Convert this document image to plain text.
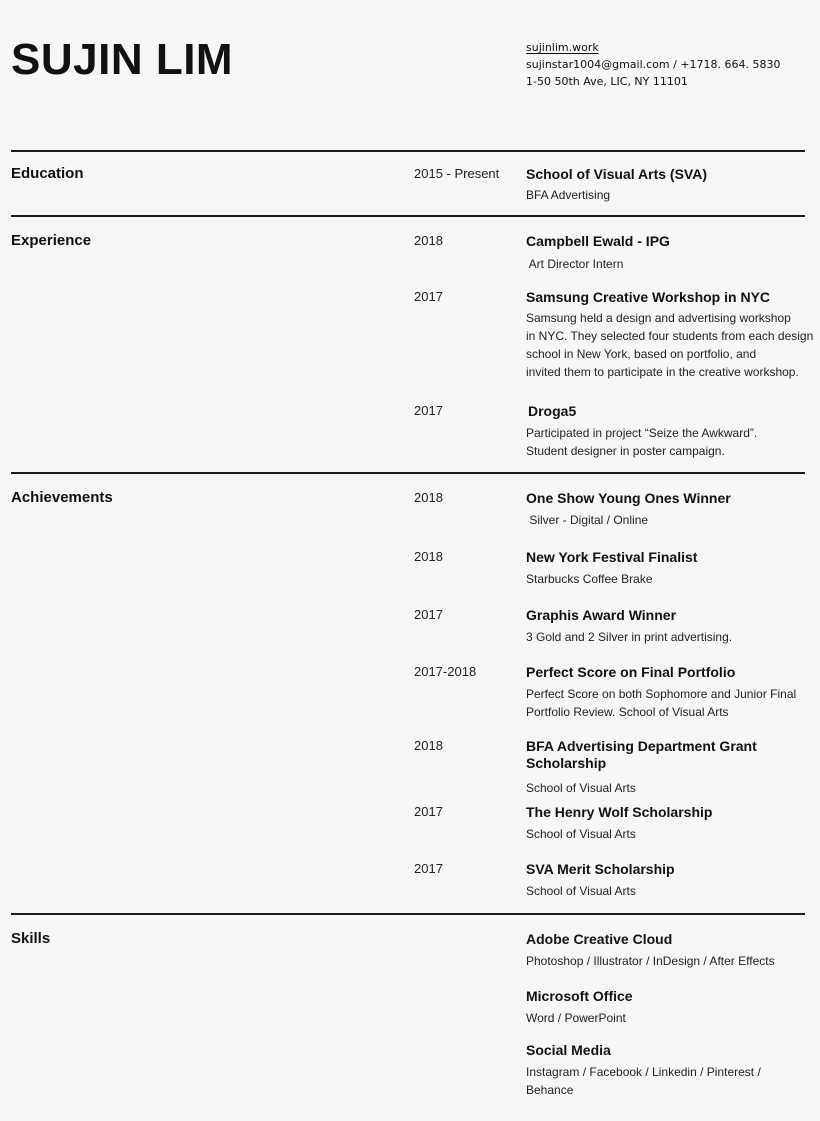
SUJIN LIM	sujinlim.work
sujinstar1004@gmail.com / +1718. 664. 5830
1-50 50th Ave, LIC, NY 11101
Education	2015 - Present School of Visual Arts (SVA)
BFA Advertising
Experience	2018	Campbell Ewald - IPG
Art Director Intern
2017	Samsung Creative Workshop in NYC
Samsung held a design and advertising workshop
in NYC. They selected four students from each design
school in New York, based on portfolio, and
invited them to participate in the creative workshop.
2017	Droga5
Participated in project “Seize the Awkward”.
Student designer in poster campaign.
Achievements	2018	One Show Young Ones Winner
Silver - Digital / Online
2018	New York Festival Finalist
Starbucks Coffee Brake
2017	Graphis Award Winner
3 Gold and 2 Silver in print advertising.
2017-2018	Perfect Score on Final Portfolio
Perfect Score on both Sophomore and Junior Final
Portfolio Review. School of Visual Arts
2018	BFA Advertising Department Grant Scholarship
School of Visual Arts
2017	The Henry Wolf Scholarship
School of Visual Arts
2017	SVA Merit Scholarship
School of Visual Arts
Skills	Adobe Creative Cloud
Photoshop / Illustrator / InDesign / After Effects
Microsoft Office
Word / PowerPoint
Social Media
Instagram / Facebook / Linkedin / Pinterest /
Behance
